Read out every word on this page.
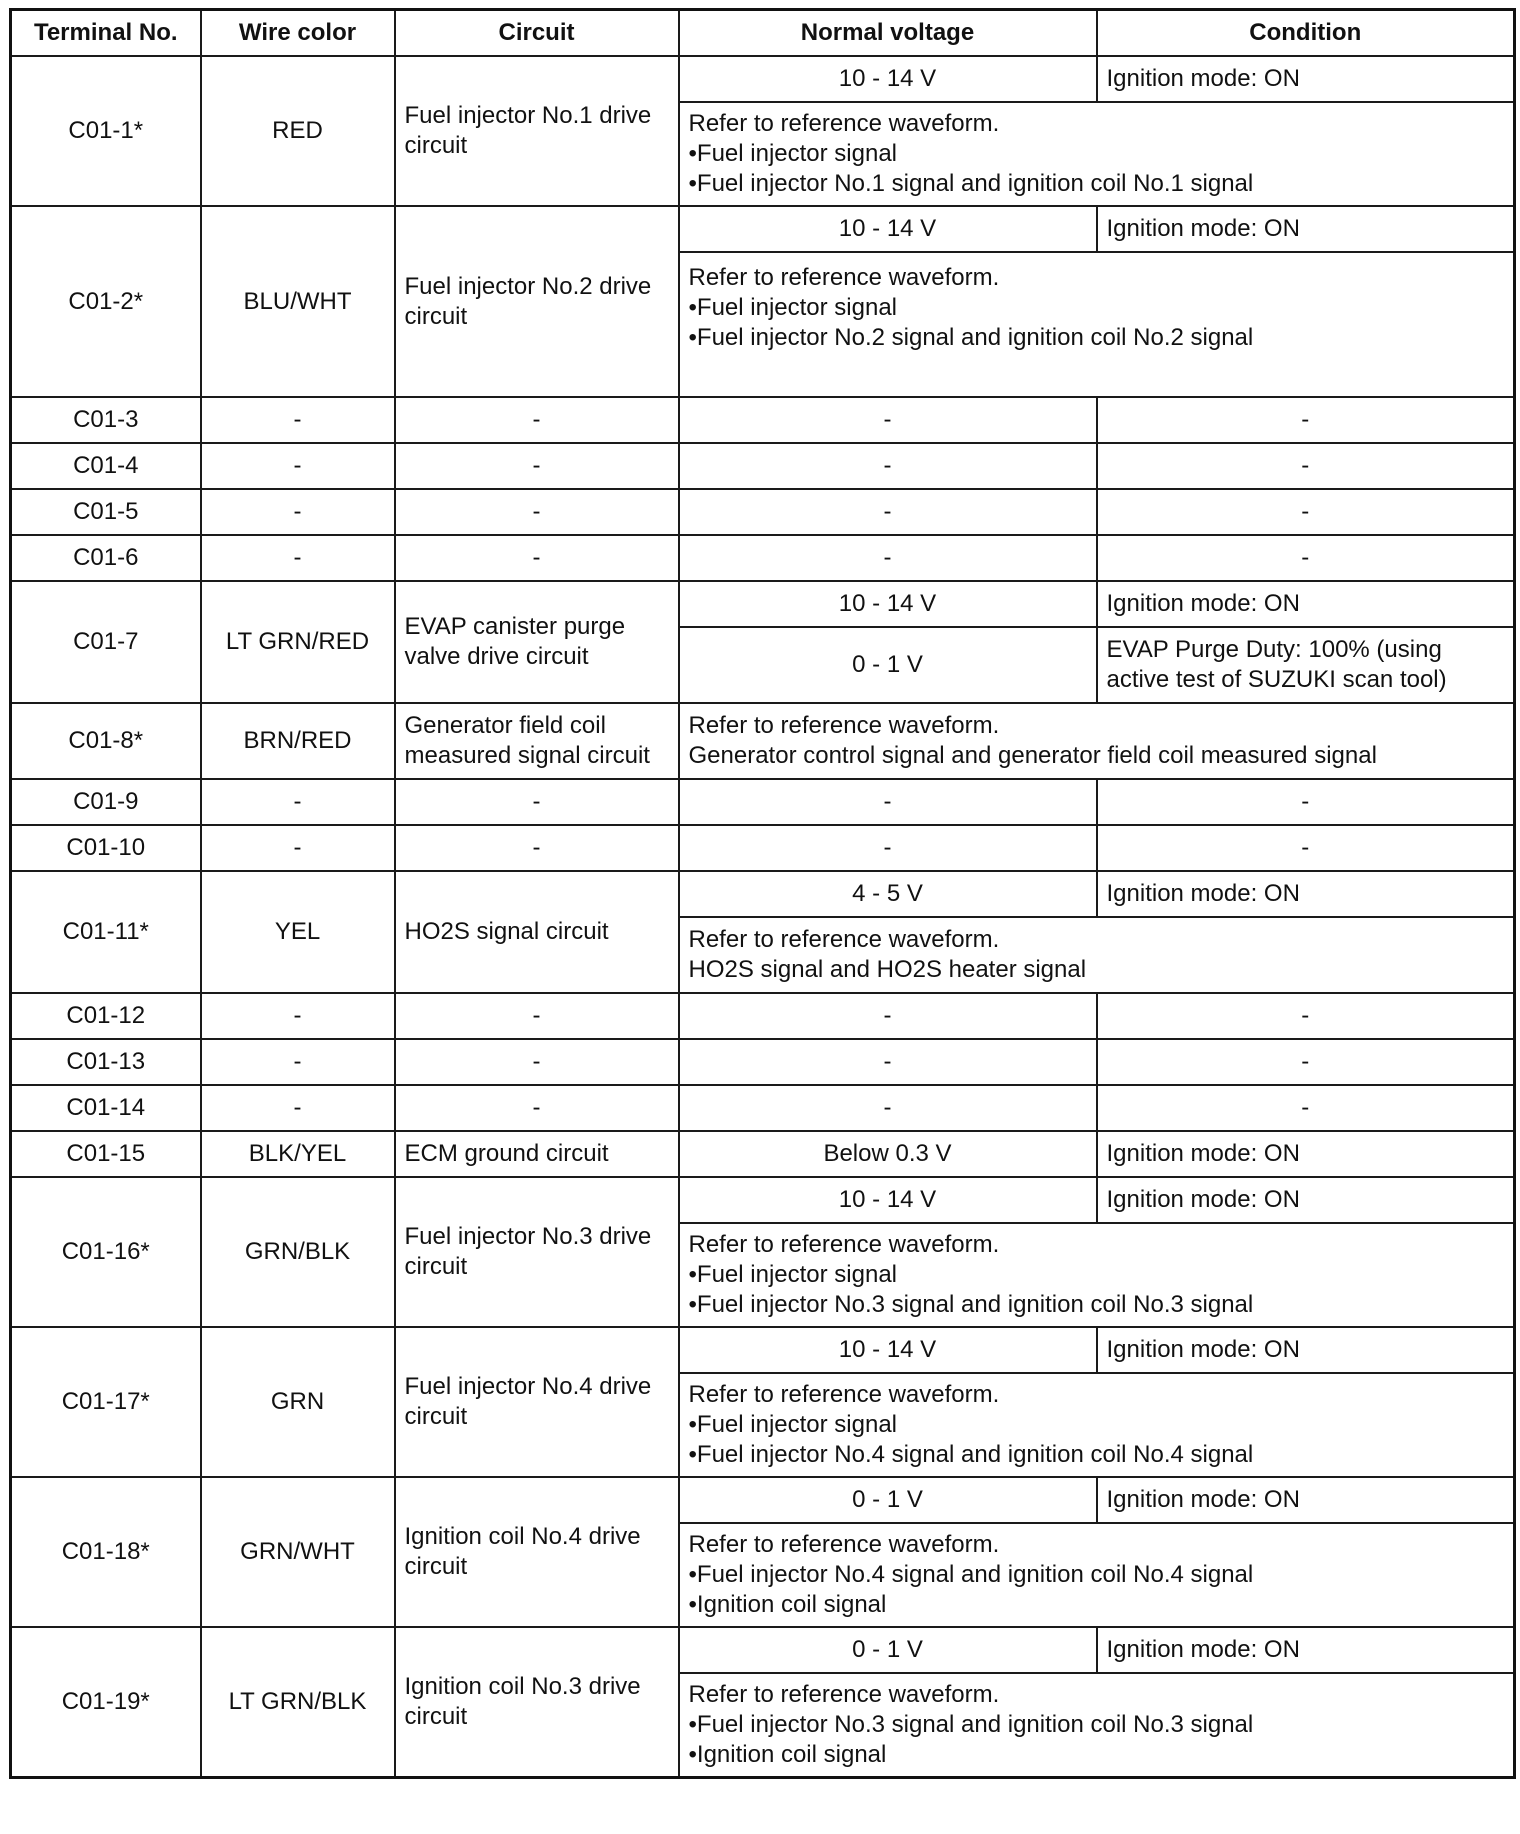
Terminal No.	Wire color	Circuit	Normal voltage	Condition
C01-1*	RED	Fuel injector No.1 drive circuit	10 - 14 V	Ignition mode: ON

			Refer to reference waveform.
•Fuel injector signal
•Fuel injector No.1 signal and ignition coil No.1 signal	

C01-2*	BLU/WHT	Fuel injector No.2 drive circuit	10 - 14 V	Ignition mode: ON

			Refer to reference waveform.
•Fuel injector signal
•Fuel injector No.2 signal and ignition coil No.2 signal	

C01-3	-	-	-	-
C01-4	-	-	-	-
C01-5	-	-	-	-
C01-6	-	-	-	-
C01-7	LT GRN/RED	EVAP canister purge valve drive circuit	10 - 14 V	Ignition mode: ON
			0 - 1 V	EVAP Purge Duty: 100% (using active test of SUZUKI scan tool)
C01-8*	BRN/RED	Generator field coil measured signal circuit	Refer to reference waveform.
Generator control signal and generator field coil measured signal	

C01-9	-	-	-	-
C01-10	-	-	-	-
C01-11*	YEL	HO2S signal circuit	4 - 5 V	Ignition mode: ON

			Refer to reference waveform.
HO2S signal and HO2S heater signal	

C01-12	-	-	-	-
C01-13	-	-	-	-
C01-14	-	-	-	-
C01-15	BLK/YEL	ECM ground circuit	Below 0.3 V	Ignition mode: ON
C01-16*	GRN/BLK	Fuel injector No.3 drive circuit	10 - 14 V	Ignition mode: ON

			Refer to reference waveform.
•Fuel injector signal
•Fuel injector No.3 signal and ignition coil No.3 signal	

C01-17*	GRN	Fuel injector No.4 drive circuit	10 - 14 V	Ignition mode: ON

			Refer to reference waveform.
•Fuel injector signal
•Fuel injector No.4 signal and ignition coil No.4 signal	

C01-18*	GRN/WHT	Ignition coil No.4 drive circuit	0 - 1 V	Ignition mode: ON

			Refer to reference waveform.
•Fuel injector No.4 signal and ignition coil No.4 signal
•Ignition coil signal	

C01-19*	LT GRN/BLK	Ignition coil No.3 drive circuit	0 - 1 V	Ignition mode: ON

			Refer to reference waveform.
•Fuel injector No.3 signal and ignition coil No.3 signal
•Ignition coil signal	
